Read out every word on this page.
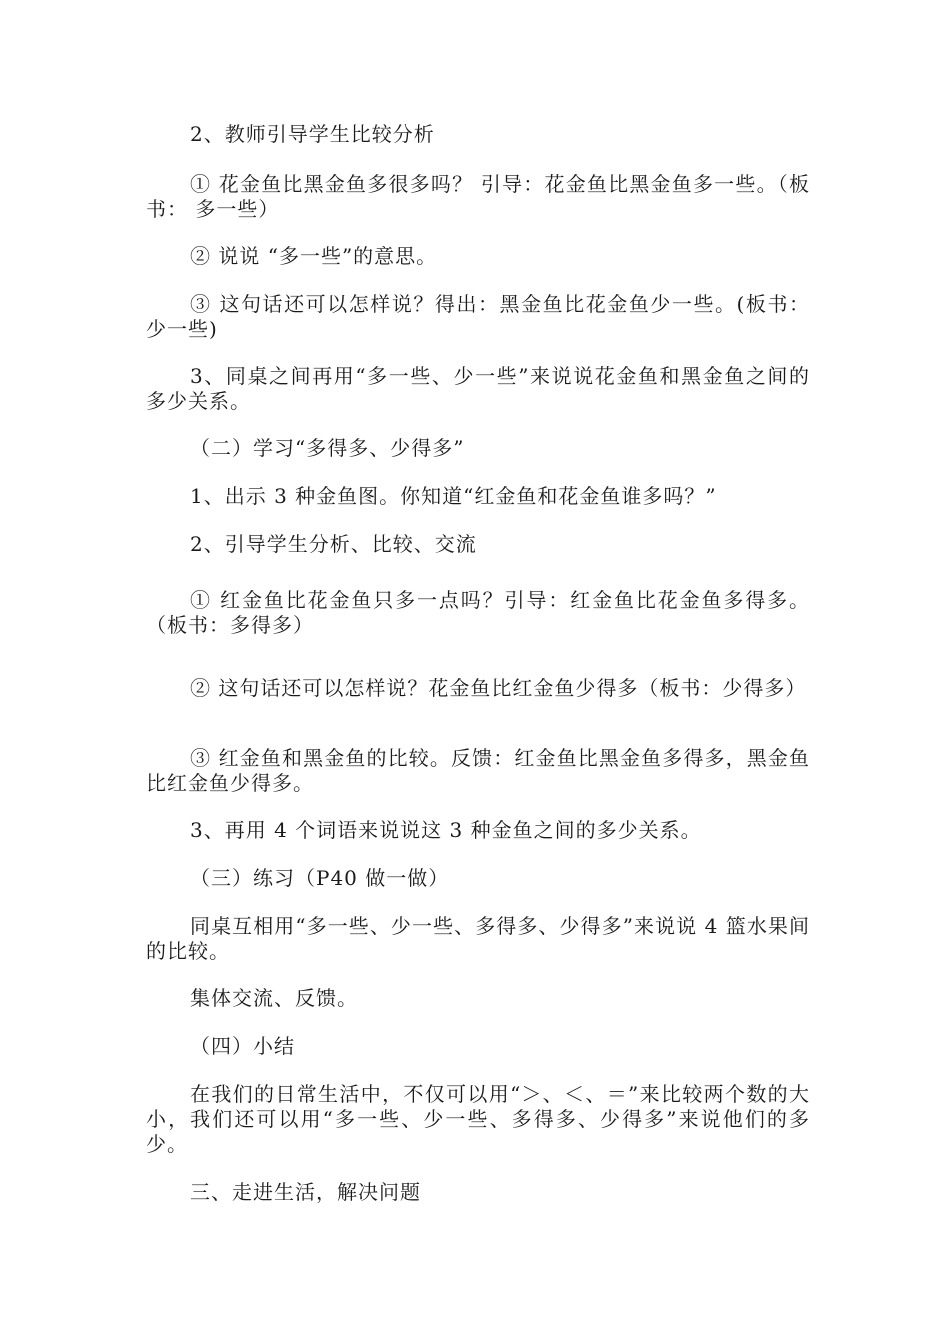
2、教师引导学生比较分析

① 花金鱼比黑金鱼多很多吗？ 引导：花金鱼比黑金鱼多一些。（板书： 多一些）

② 说说 “多一些”的意思。

③ 这句话还可以怎样说？得出：黑金鱼比花金鱼少一些。(板书：少一些)

3、同桌之间再用“多一些、少一些”来说说花金鱼和黑金鱼之间的多少关系。

（二）学习“多得多、少得多”

1、出示 3 种金鱼图。你知道“红金鱼和花金鱼谁多吗？”

2、引导学生分析、比较、交流

① 红金鱼比花金鱼只多一点吗？引导：红金鱼比花金鱼多得多。（板书：多得多）

② 这句话还可以怎样说？花金鱼比红金鱼少得多（板书：少得多）

③ 红金鱼和黑金鱼的比较。反馈：红金鱼比黑金鱼多得多，黑金鱼比红金鱼少得多。

3、再用 4 个词语来说说这 3 种金鱼之间的多少关系。

（三）练习（P40 做一做）

同桌互相用“多一些、少一些、多得多、少得多”来说说 4 篮水果间的比较。

集体交流、反馈。

（四）小结

在我们的日常生活中，不仅可以用“＞、＜、＝”来比较两个数的大小，我们还可以用“多一些、少一些、多得多、少得多”来说他们的多少。

三、走进生活，解决问题
